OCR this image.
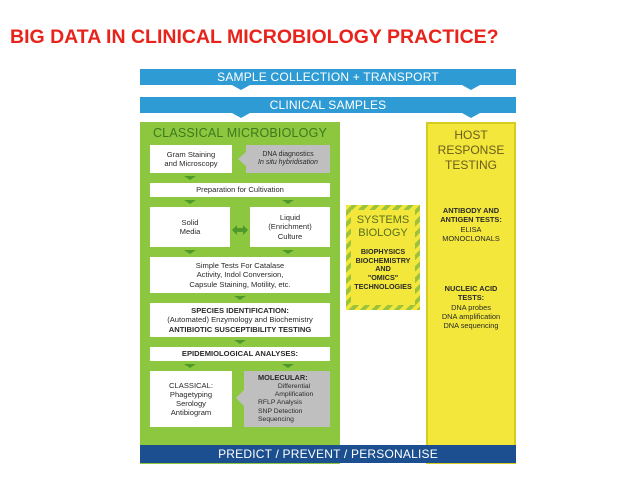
BIG DATA IN CLINICAL MICROBIOLOGY PRACTICE?
SAMPLE COLLECTION + TRANSPORT
CLINICAL SAMPLES
CLASSICAL MICROBIOLOGY
Gram Staining
and Microscopy
DNA diagnostics
In situ hybridisation
Preparation for Cultivation
Solid
Media
Liquid
(Enrichment)
Culture
Simple Tests For Catalase
Activity, Indol Conversion,
Capsule Staining, Motility, etc.
SPECIES IDENTIFICATION:
(Automated) Enzymology and Biochemistry
ANTIBIOTIC SUSCEPTIBILITY TESTING
EPIDEMIOLOGICAL ANALYSES:
CLASSICAL:
Phagetyping
Serology
Antibiogram
MOLECULAR:
Differential Amplification
RFLP Analysis
SNP Detection
Sequencing
SYSTEMS
BIOLOGY
BIOPHYSICS
BIOCHEMISTRY
AND
"OMICS"
TECHNOLOGIES
HOST
RESPONSE
TESTING
ANTIBODY AND
ANTIGEN TESTS:
ELISA
MONOCLONALS
NUCLEIC ACID
TESTS:
DNA probes
DNA amplification
DNA sequencing
PREDICT / PREVENT / PERSONALISE
